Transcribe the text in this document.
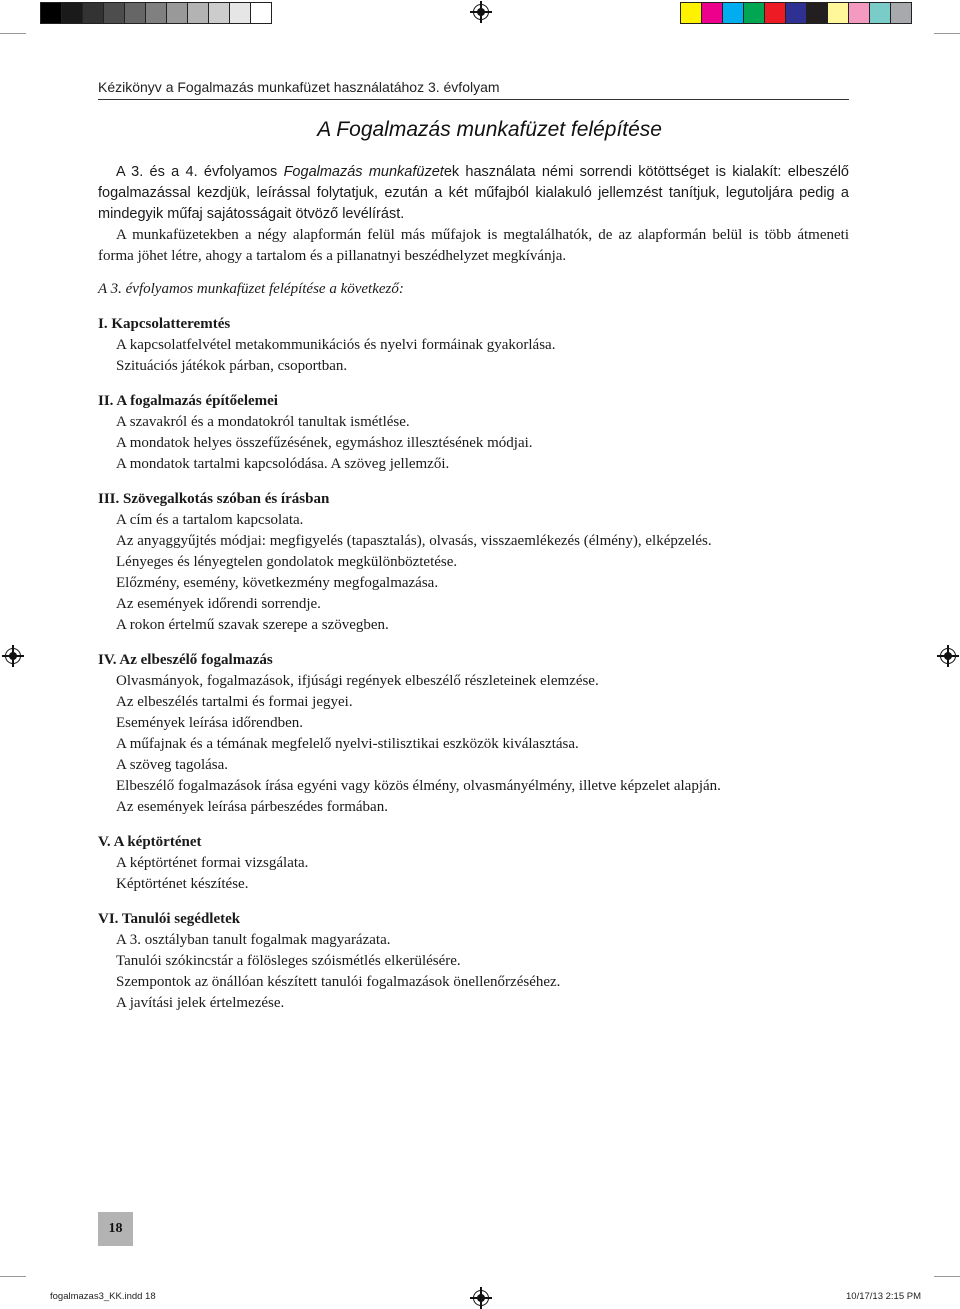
Kézikönyv a Fogalmazás munkafüzet használatához 3. évfolyam
A Fogalmazás munkafüzet felépítése

A 3. és a 4. évfolyamos Fogalmazás munkafüzetek használata némi sorrendi kötöttséget is kialakít: elbeszélő fogalmazással kezdjük, leírással folytatjuk, ezután a két műfajból kialakuló jellemzést tanítjuk, legutoljára pedig a mindegyik műfaj sajátosságait ötvöző levélírást.

A munkafüzetekben a négy alapformán felül más műfajok is megtalálhatók, de az alapformán belül is több átmeneti forma jöhet létre, ahogy a tartalom és a pillanatnyi beszédhelyzet megkívánja.

A 3. évfolyamos munkafüzet felépítése a következő:

I. Kapcsolatteremtés

A kapcsolatfelvétel metakommunikációs és nyelvi formáinak gyakorlása.

Szituációs játékok párban, csoportban.

II. A fogalmazás építőelemei

A szavakról és a mondatokról tanultak ismétlése.

A mondatok helyes összefűzésének, egymáshoz illesztésének módjai.

A mondatok tartalmi kapcsolódása. A szöveg jellemzői.

III. Szövegalkotás szóban és írásban

A cím és a tartalom kapcsolata.

Az anyaggyűjtés módjai: megfigyelés (tapasztalás), olvasás, visszaemlékezés (élmény), elképzelés.

Lényeges és lényegtelen gondolatok megkülönböztetése.

Előzmény, esemény, következmény megfogalmazása.

Az események időrendi sorrendje.

A rokon értelmű szavak szerepe a szövegben.

IV. Az elbeszélő fogalmazás

Olvasmányok, fogalmazások, ifjúsági regények elbeszélő részleteinek elemzése.

Az elbeszélés tartalmi és formai jegyei.

Események leírása időrendben.

A műfajnak és a témának megfelelő nyelvi-stilisztikai eszközök kiválasztása.

A szöveg tagolása.

Elbeszélő fogalmazások írása egyéni vagy közös élmény, olvasmányélmény, illetve képzelet alapján.

Az események leírása párbeszédes formában.

V. A képtörténet

A képtörténet formai vizsgálata.

Képtörténet készítése.

VI. Tanulói segédletek

A 3. osztályban tanult fogalmak magyarázata.

Tanulói szókincstár a fölösleges szóismétlés elkerülésére.

Szempontok az önállóan készített tanulói fogalmazások önellenőrzéséhez.

A javítási jelek értelmezése.

18
fogalmazas3_KK.indd 18	10/17/13 2:15 PM
